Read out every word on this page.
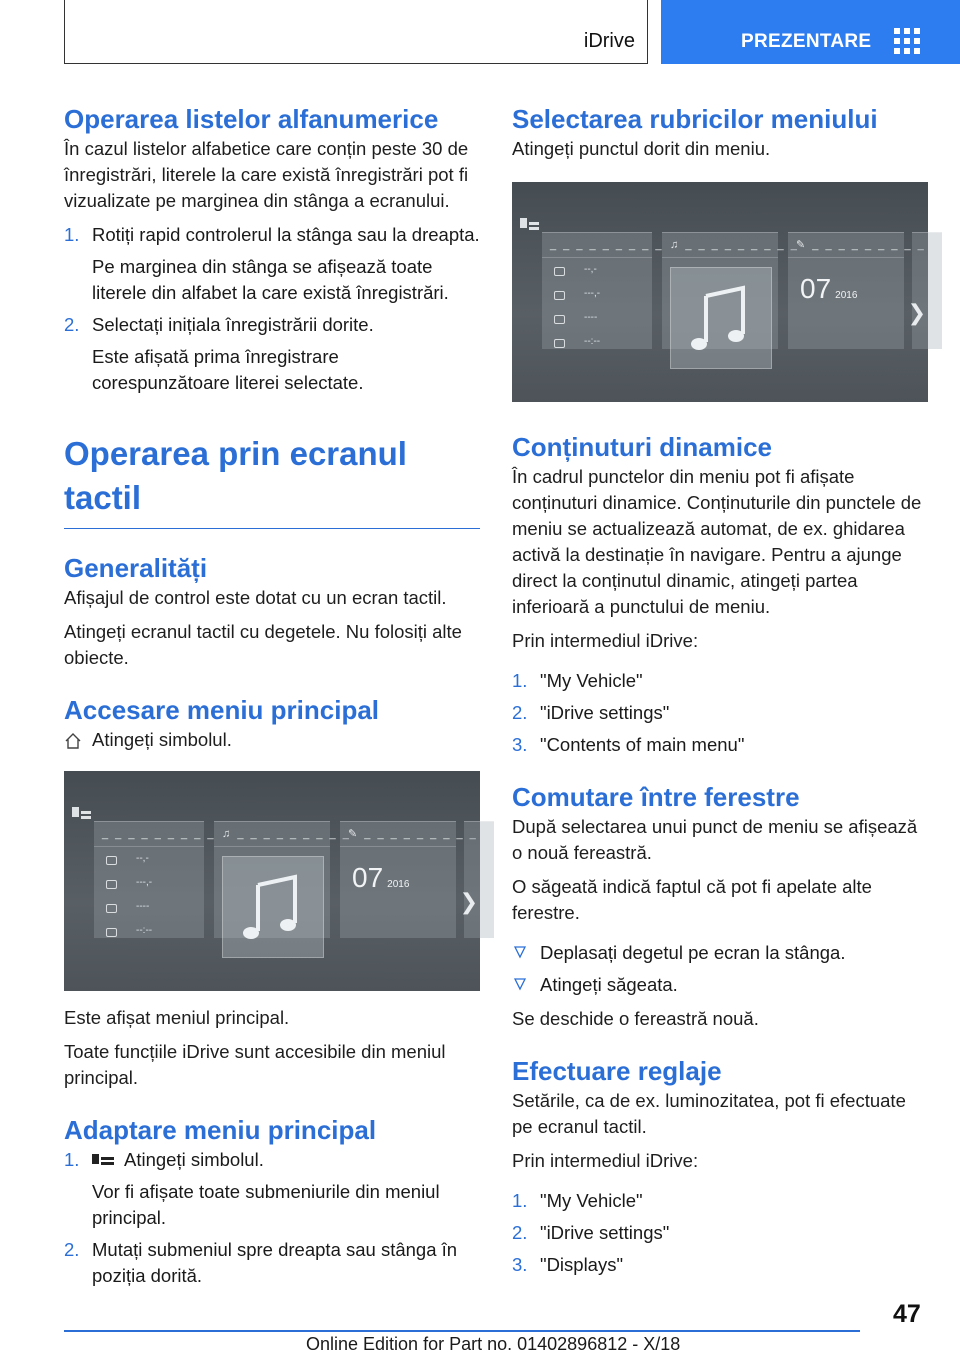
iDrive	PREZENTARE
Operarea listelor alfanumerice

În cazul listelor alfabetice care conțin peste 30 de înregistrări, literele la care există înregistrări pot fi vizualizate pe marginea din stânga a ecranului.

1. Rotiți rapid controlerul la stânga sau la dreapta.
Pe marginea din stânga se afișează toate literele din alfabet la care există înregistrări.
2. Selectați inițiala înregistrării dorite.
Este afișată prima înregistrare corespunzătoare literei selectate.
Operarea prin ecranul tactil
Generalități

Afișajul de control este dotat cu un ecran tactil.

Atingeți ecranul tactil cu degetele. Nu folosiți alte obiecte.

Accesare meniu principal

Atingeți simbolul.

_ _ _ _ _ _ _ _ _
--,-
---,-
----
--:--
♫ _ _ _ _ _ _ _ _ _
✎ _ _ _ _ _ _ _ _ _
07 2016
❯

Este afișat meniul principal.

Toate funcțiile iDrive sunt accesibile din meniul principal.

Adaptare meniu principal
1. Atingeți simbolul.
Vor fi afișate toate submeniurile din meniul principal.
2. Mutați submeniul spre dreapta sau stânga în poziția dorită.
Selectarea rubricilor meniului

Atingeți punctul dorit din meniu.

_ _ _ _ _ _ _ _ _
--,-
---,-
----
--:--
♫ _ _ _ _ _ _ _ _ _
✎ _ _ _ _ _ _ _ _ _
07 2016
❯
Conținuturi dinamice

În cadrul punctelor din meniu pot fi afișate conținuturi dinamice. Conținuturile din punctele de meniu se actualizează automat, de ex. ghidarea activă la destinație în navigare. Pentru a ajunge direct la conținutul dinamic, atingeți partea inferioară a punctului de meniu.

Prin intermediul iDrive:

1. "My Vehicle"
2. "iDrive settings"
3. "Contents of main menu"
Comutare între ferestre

După selectarea unui punct de meniu se afișează o nouă fereastră.

O săgeată indică faptul că pot fi apelate alte ferestre.

Deplasați degetul pe ecran la stânga.
Atingeți săgeata.

Se deschide o fereastră nouă.

Efectuare reglaje

Setările, ca de ex. luminozitatea, pot fi efectuate pe ecranul tactil.

Prin intermediul iDrive:

1. "My Vehicle"
2. "iDrive settings"
3. "Displays"
47
Online Edition for Part no. 01402896812 - X/18
